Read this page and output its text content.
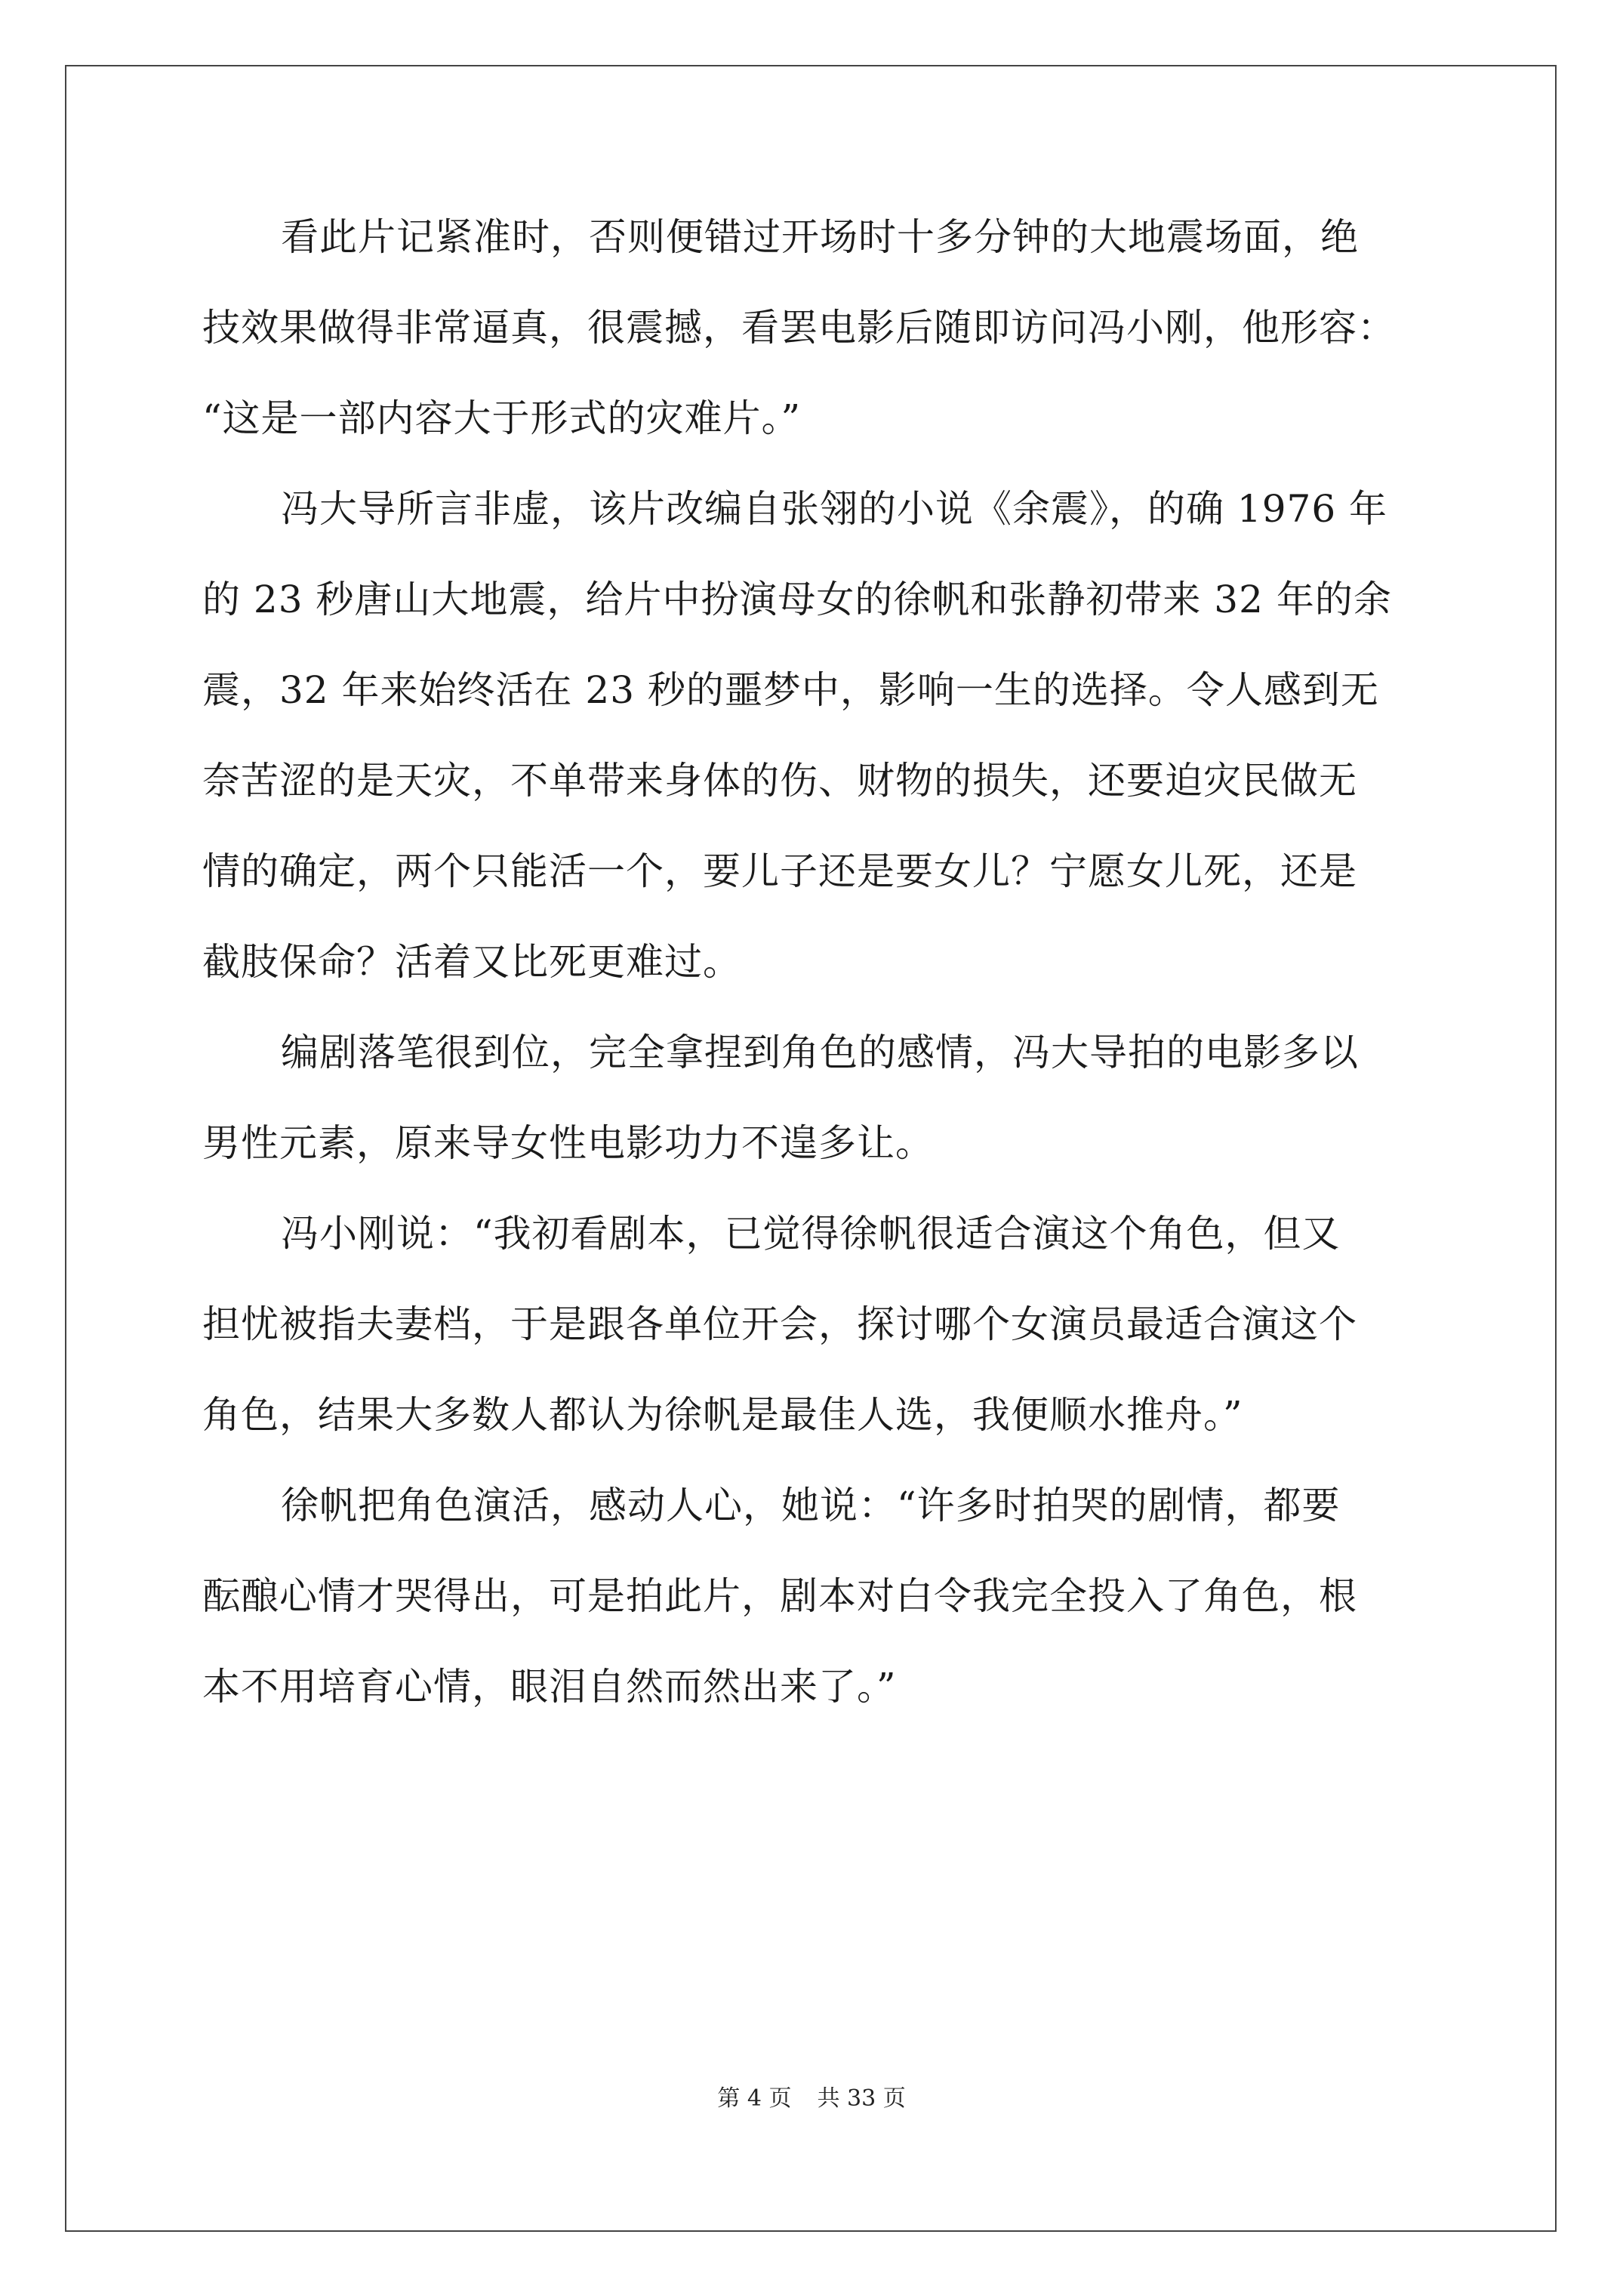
看此片记紧准时，否则便错过开场时十多分钟的大地震场面，绝
技效果做得非常逼真，很震撼，看罢电影后随即访问冯小刚，他形容：
“这是一部内容大于形式的灾难片。”
冯大导所言非虚，该片改编自张翎的小说《余震》，的确 1976 年
的 23 秒唐山大地震，给片中扮演母女的徐帆和张静初带来 32 年的余
震，32 年来始终活在 23 秒的噩梦中，影响一生的选择。令人感到无
奈苦涩的是天灾，不单带来身体的伤、财物的损失，还要迫灾民做无
情的确定，两个只能活一个，要儿子还是要女儿？宁愿女儿死，还是
截肢保命？活着又比死更难过。
编剧落笔很到位，完全拿捏到角色的感情，冯大导拍的电影多以
男性元素，原来导女性电影功力不遑多让。
冯小刚说：“我初看剧本，已觉得徐帆很适合演这个角色，但又
担忧被指夫妻档，于是跟各单位开会，探讨哪个女演员最适合演这个
角色，结果大多数人都认为徐帆是最佳人选，我便顺水推舟。”
徐帆把角色演活，感动人心，她说：“许多时拍哭的剧情，都要
酝酿心情才哭得出，可是拍此片，剧本对白令我完全投入了角色，根
本不用培育心情，眼泪自然而然出来了。”
第 4 页 共 33 页
